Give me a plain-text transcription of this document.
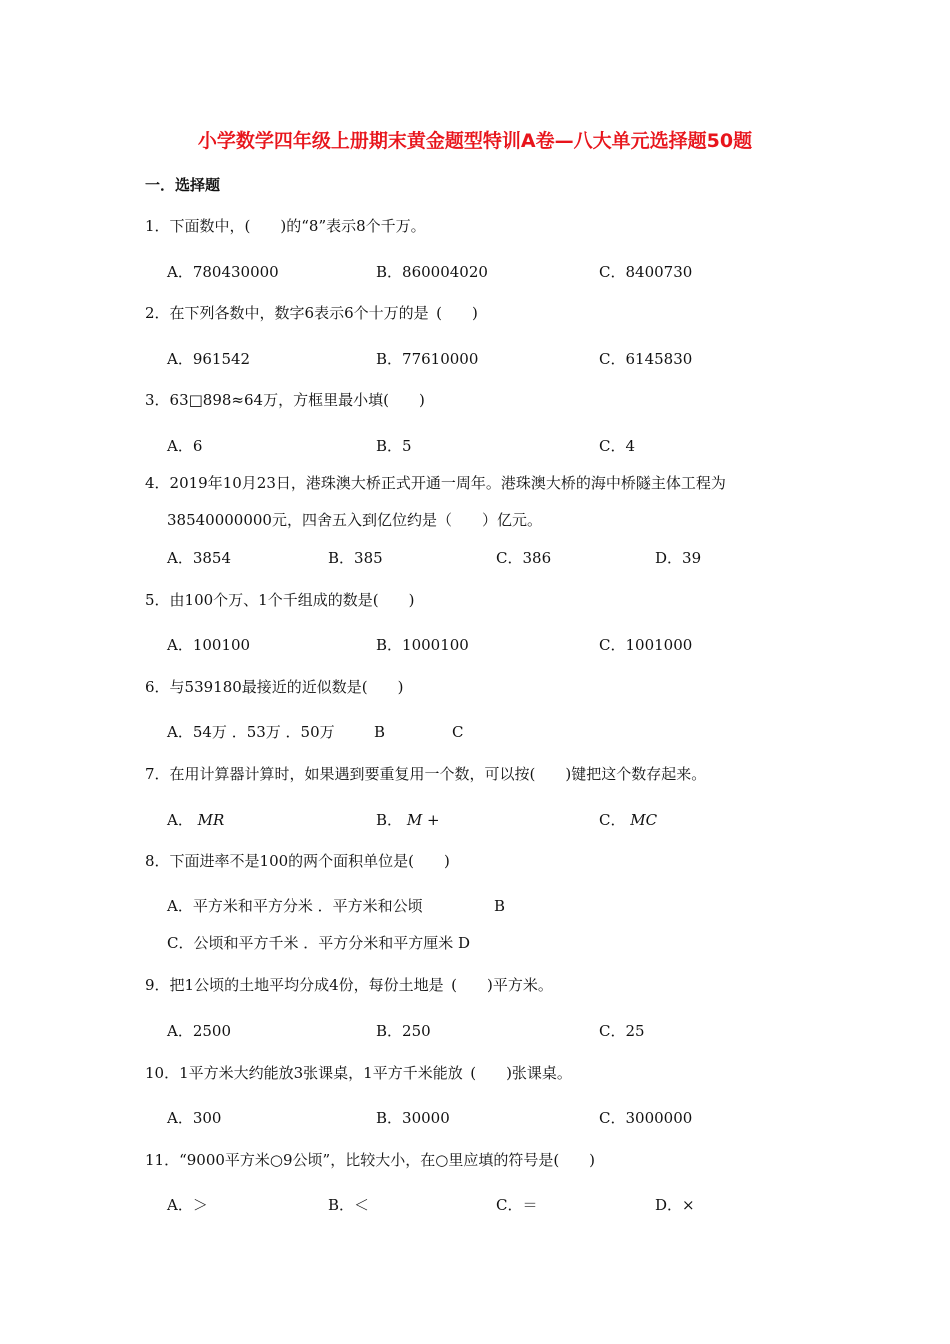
小学数学四年级上册期末黄金题型特训A卷—八大单元选择题50题
一．选择题
1．下面数中，(　　)的“8”表示8个千万。
A．780430000	B．860004020	C．8400730
2．在下列各数中，数字6表示6个十万的是 (　　)
A．961542	B．77610000	C．6145830
3．63□898≈64万，方框里最小填(　　)
A．6	B．5	C．4
4．2019年10月23日，港珠澳大桥正式开通一周年。港珠澳大桥的海中桥隧主体工程为
38540000000元，四舍五入到亿位约是（　　）亿元。
A．3854	B．385	C．386	D．39
5．由100个万、1个千组成的数是(　　)
A．100100	B．1000100	C．1001000
6．与539180最接近的近似数是(　　)
A．54万 ．53万 ．50万	B	C
7．在用计算器计算时，如果遇到要重复用一个数，可以按(　　)键把这个数存起来。
A． MR	B． M +	C． MC
8．下面进率不是100的两个面积单位是(　　)
A．平方米和平方分米 ．平方米和公顷	B
C．公顷和平方千米 ．平方分米和平方厘米 D
9．把1公顷的土地平均分成4份，每份土地是 (　　)平方米。
A．2500	B．250	C．25
10．1平方米大约能放3张课桌，1平方千米能放 (　　)张课桌。
A．300	B．30000	C．3000000
11．“9000平方米○9公顷”，比较大小，在○里应填的符号是(　　)
A．＞	B．＜	C．＝	D．×
